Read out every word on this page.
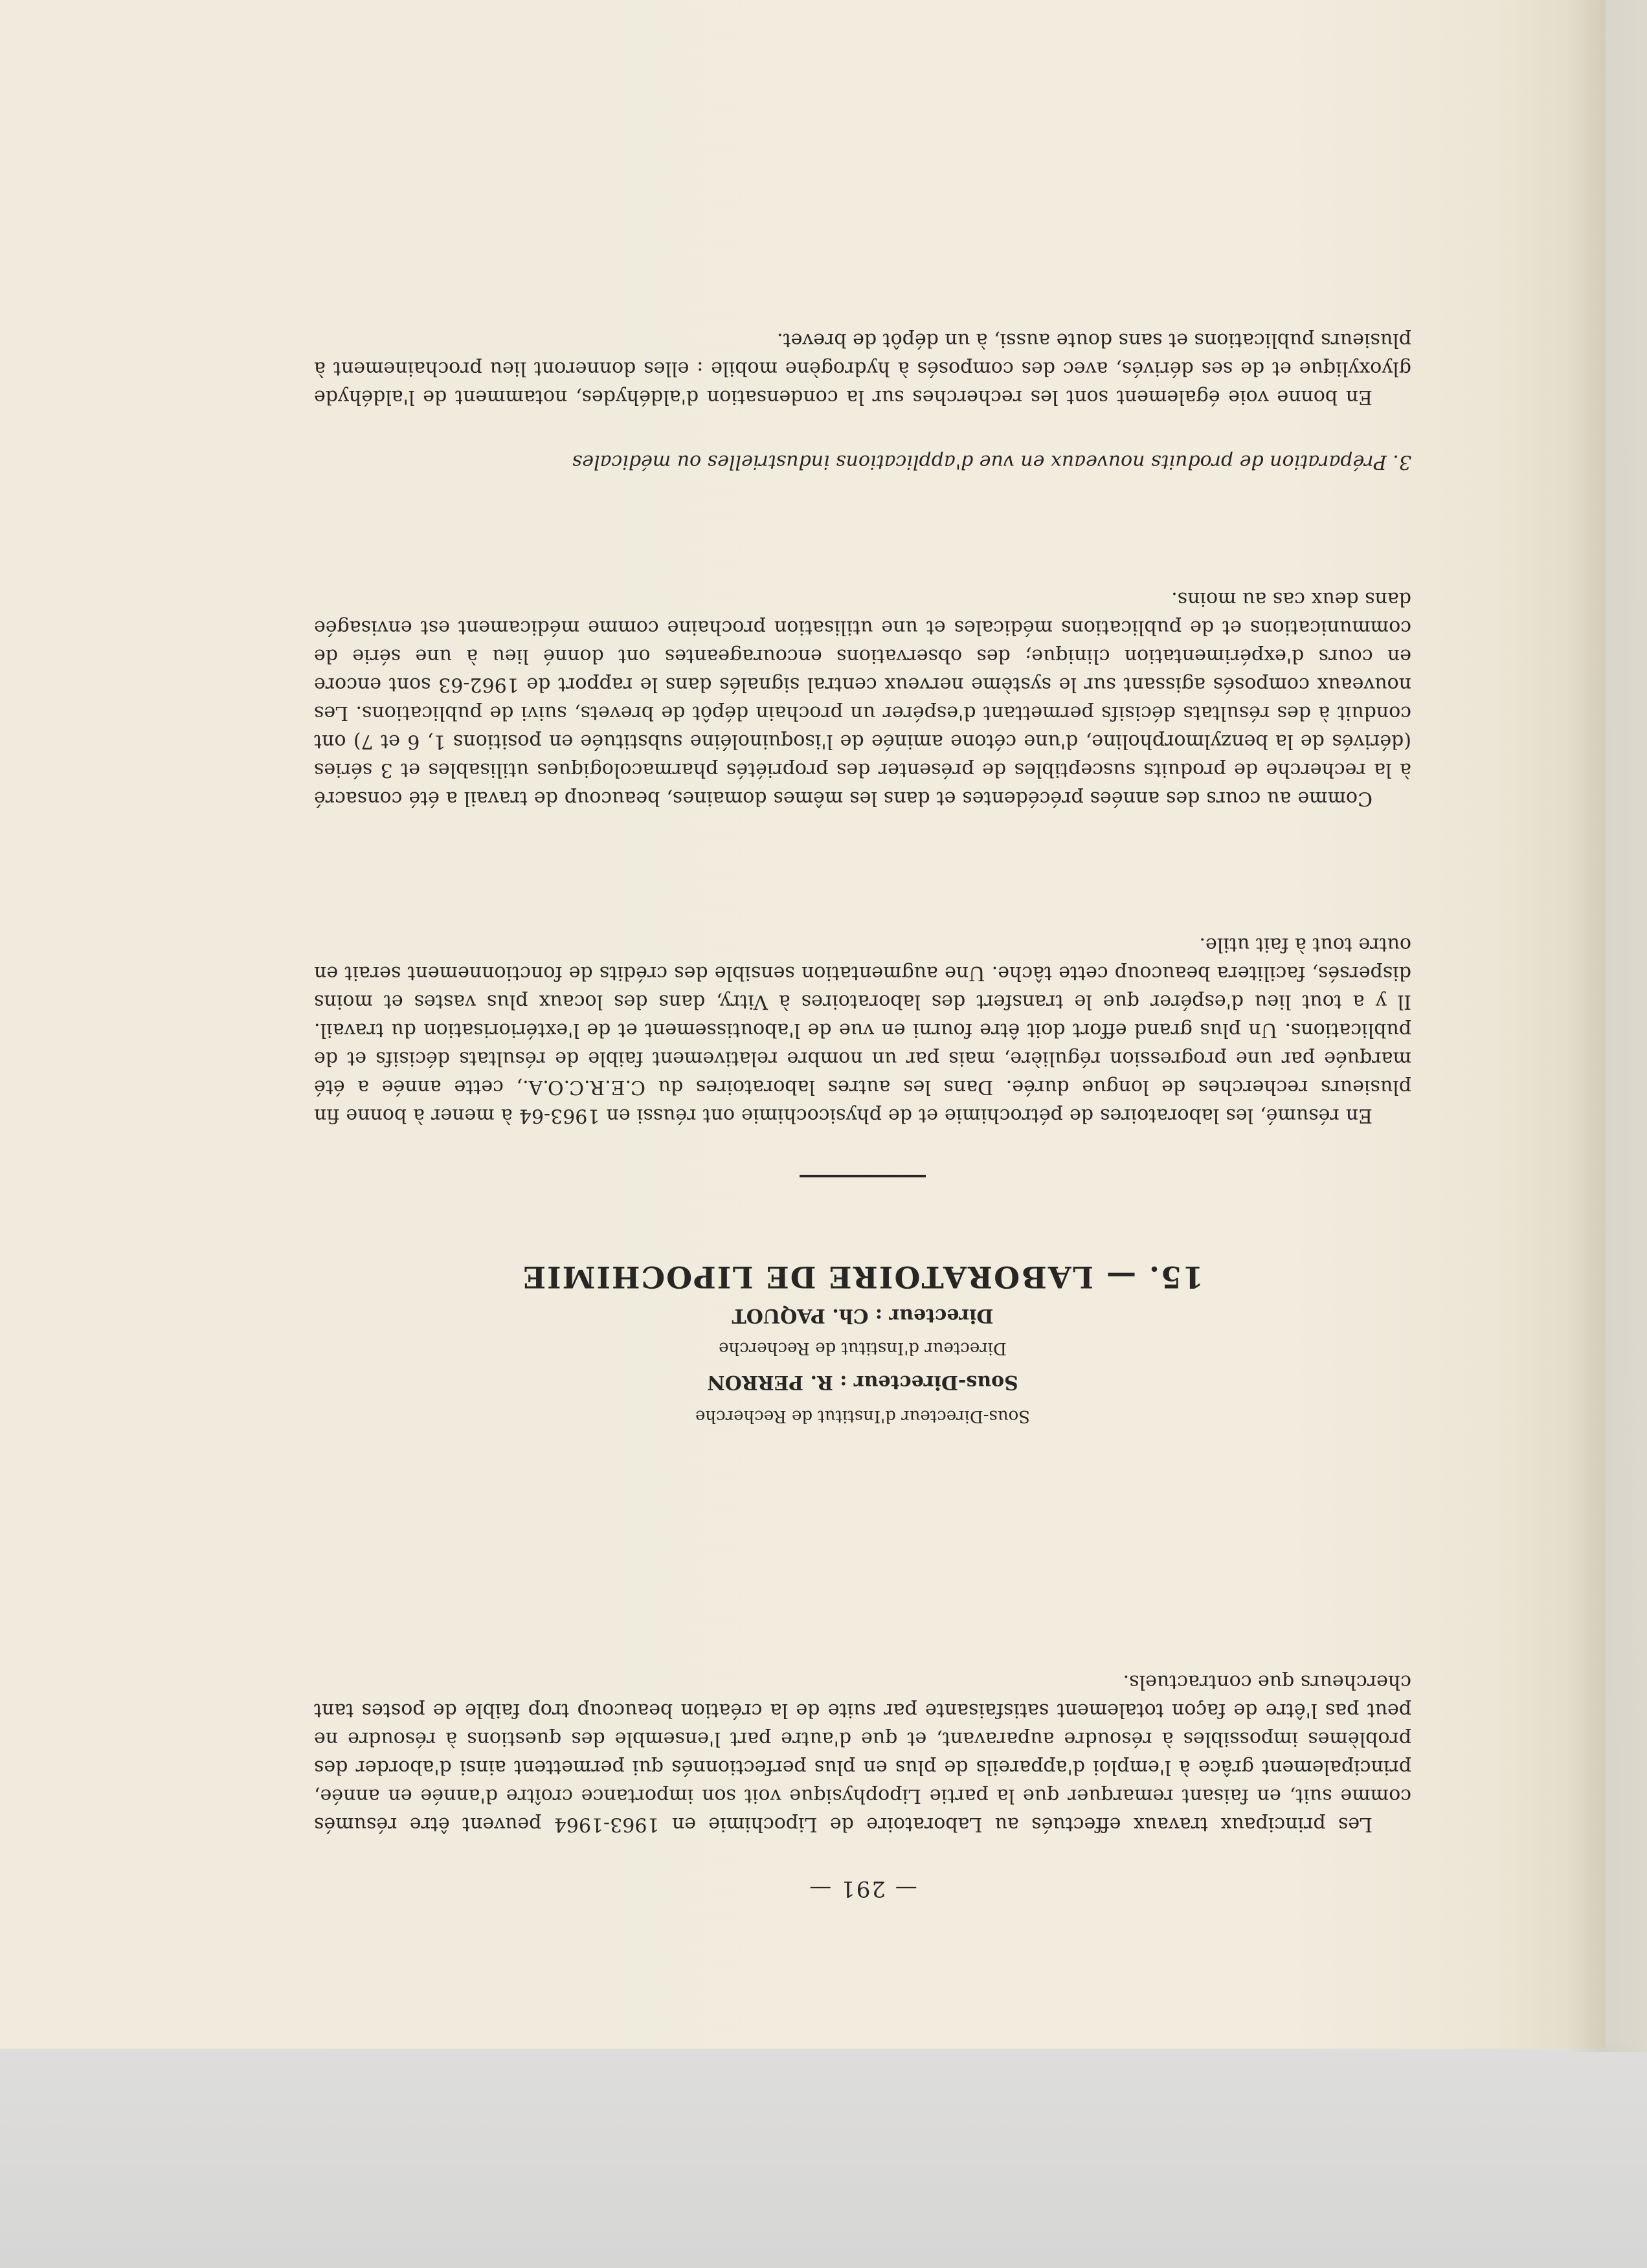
— 291 —

Les principaux travaux effectués au Laboratoire de Lipochimie en 1963-1964 peuvent être résumés comme suit, en faisant remarquer que la partie Lipophysique voit son importance croître d'année en année, principalement grâce à l'emploi d'appareils de plus en plus perfectionnés qui permettent ainsi d'aborder des problèmes impossibles à résoudre auparavant, et que d'autre part l'ensemble des questions à résoudre ne peut pas l'être de façon totalement satisfaisante par suite de la création beaucoup trop faible de postes tant chercheurs que contractuels.

Sous-Directeur d'Institut de Recherche

Sous-Directeur : R. PERRON

Directeur d'Institut de Recherche

Directeur : Ch. PAQUOT

15. — LABORATOIRE DE LIPOCHIMIE

En résumé, les laboratoires de pétrochimie et de physicochimie ont réussi en 1963-64 à mener à bonne fin plusieurs recherches de longue durée. Dans les autres laboratoires du C.E.R.C.O.A., cette année a été marquée par une progression régulière, mais par un nombre relativement faible de résultats décisifs et de publications. Un plus grand effort doit être fourni en vue de l'aboutissement et de l'extériorisation du travail. Il y a tout lieu d'espérer que le transfert des laboratoires à Vitry, dans des locaux plus vastes et moins dispersés, facilitera beaucoup cette tâche. Une augmentation sensible des crédits de fonctionnement serait en outre tout à fait utile.

Comme au cours des années précédentes et dans les mêmes domaines, beaucoup de travail a été consacré à la recherche de produits susceptibles de présenter des propriétés pharmacologiques utilisables et 3 séries (dérivés de la benzylmorpholine, d'une cétone aminée de l'isoquinoléine substituée en positions 1, 6 et 7) ont conduit à des résultats décisifs permettant d'espérer un prochain dépôt de brevets, suivi de publications. Les nouveaux composés agissant sur le système nerveux central signalés dans le rapport de 1962-63 sont encore en cours d'expérimentation clinique; des observations encourageantes ont donné lieu à une série de communications et de publications médicales et une utilisation prochaine comme médicament est envisagée dans deux cas au moins.

3. Préparation de produits nouveaux en vue d'applications industrielles ou médicales

En bonne voie également sont les recherches sur la condensation d'aldéhydes, notamment de l'aldéhyde glyoxylique et de ses dérivés, avec des composés à hydrogène mobile : elles donneront lieu prochainement à plusieurs publications et sans doute aussi, à un dépôt de brevet.
